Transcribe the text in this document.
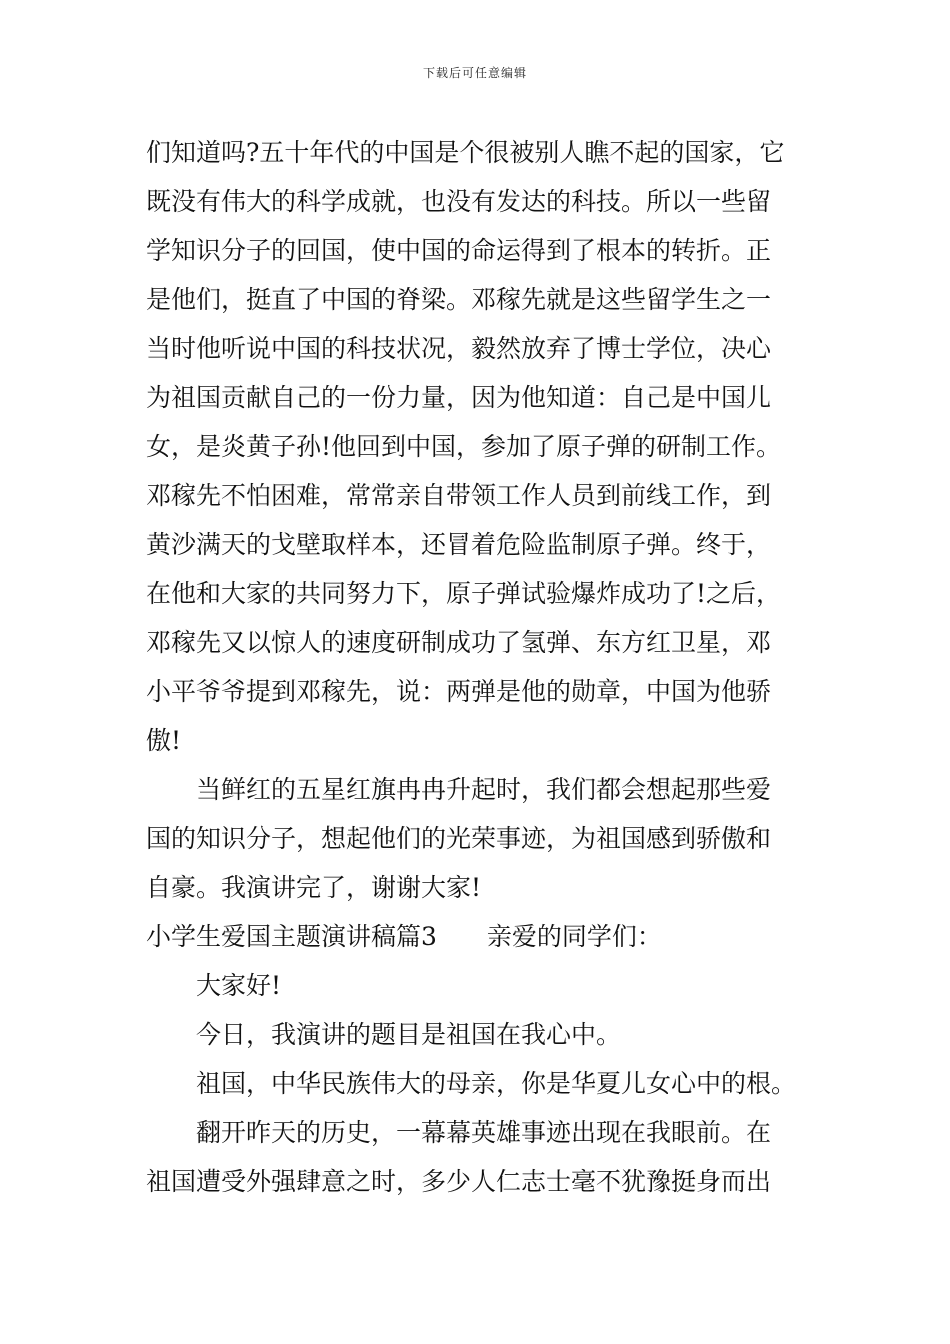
下载后可任意编辑
们知道吗?五十年代的中国是个很被别人瞧不起的国家，它
既没有伟大的科学成就，也没有发达的科技。所以一些留
学知识分子的回国，使中国的命运得到了根本的转折。正
是他们，挺直了中国的脊梁。邓稼先就是这些留学生之一
当时他听说中国的科技状况，毅然放弃了博士学位，决心
为祖国贡献自己的一份力量，因为他知道：自己是中国儿
女，是炎黄子孙!他回到中国，参加了原子弹的研制工作。
邓稼先不怕困难，常常亲自带领工作人员到前线工作，到
黄沙满天的戈壁取样本，还冒着危险监制原子弹。终于，
在他和大家的共同努力下，原子弹试验爆炸成功了!之后，
邓稼先又以惊人的速度研制成功了氢弹、东方红卫星，邓
小平爷爷提到邓稼先，说：两弹是他的勋章，中国为他骄
傲!
当鲜红的五星红旗冉冉升起时，我们都会想起那些爱
国的知识分子，想起他们的光荣事迹，为祖国感到骄傲和
自豪。我演讲完了，谢谢大家!
小学生爱国主题演讲稿篇3　　亲爱的同学们：
大家好!
今日，我演讲的题目是祖国在我心中。
祖国，中华民族伟大的母亲，你是华夏儿女心中的根。
翻开昨天的历史，一幕幕英雄事迹出现在我眼前。在
祖国遭受外强肆意之时，多少人仁志士毫不犹豫挺身而出
